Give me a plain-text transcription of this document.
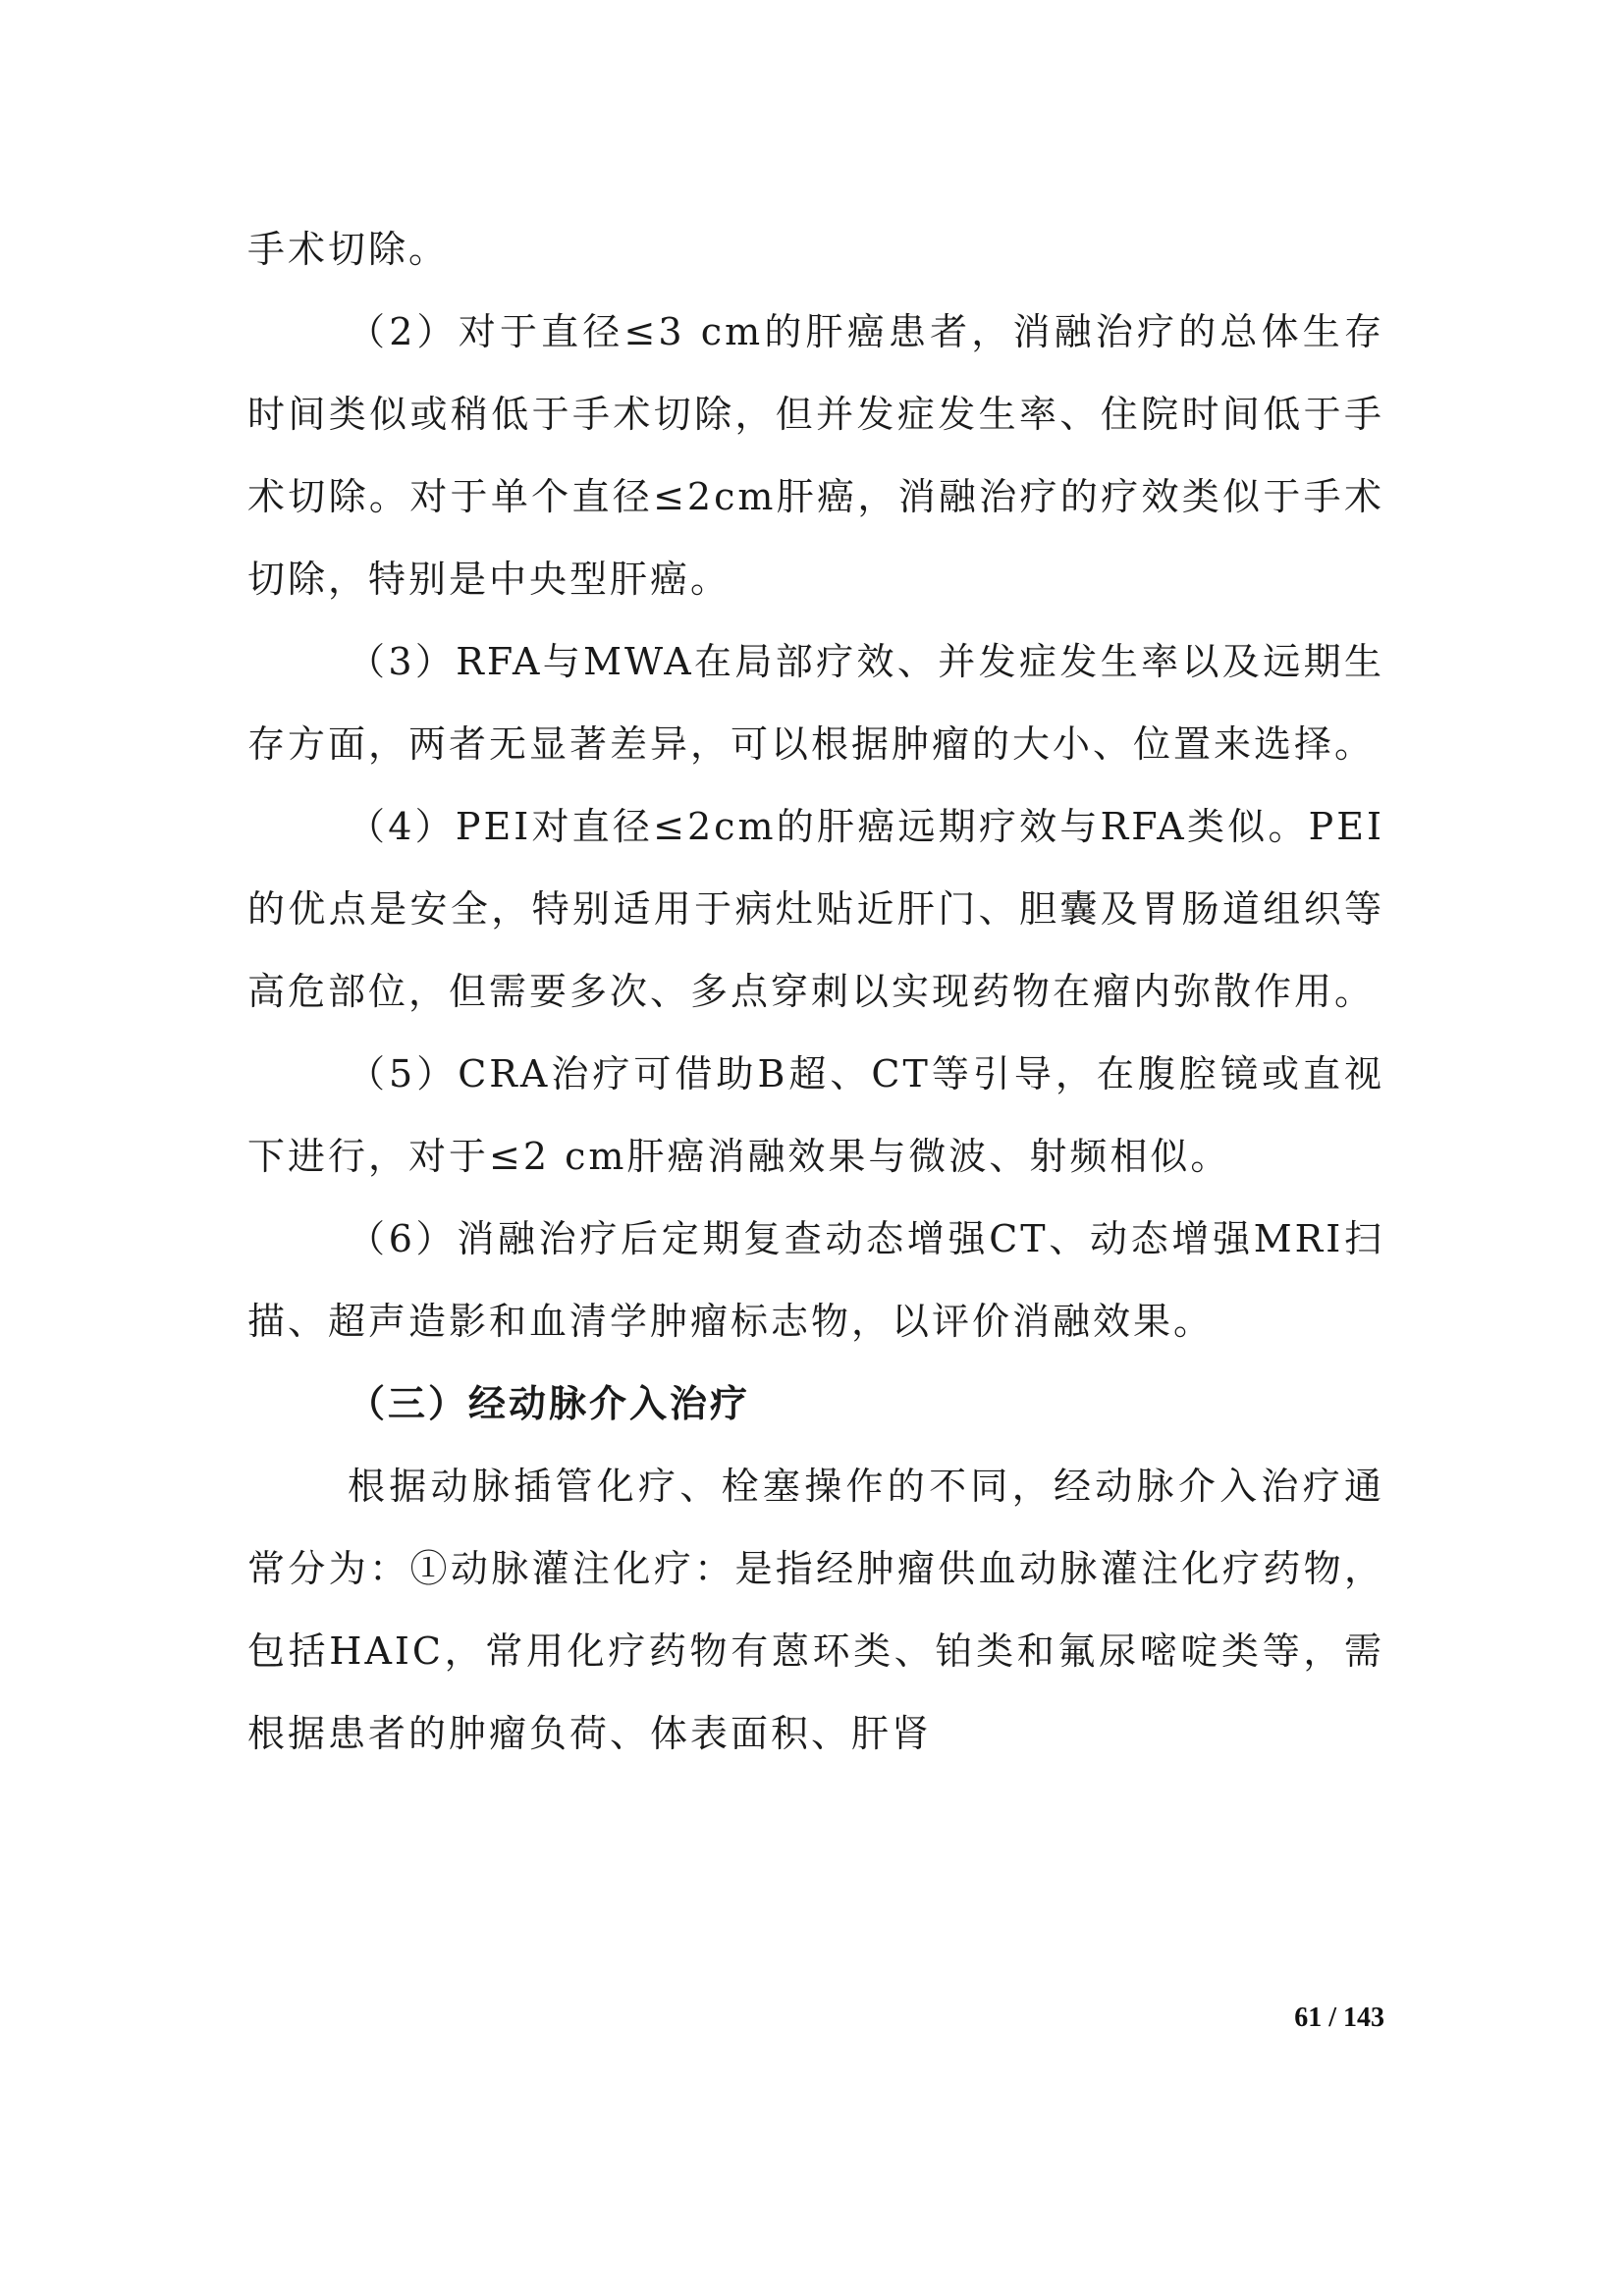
手术切除。

（2）对于直径≤3 cm的肝癌患者，消融治疗的总体生存时间类似或稍低于手术切除，但并发症发生率、住院时间低于手术切除。对于单个直径≤2cm肝癌，消融治疗的疗效类似于手术切除，特别是中央型肝癌。

（3）RFA与MWA在局部疗效、并发症发生率以及远期生存方面，两者无显著差异，可以根据肿瘤的大小、位置来选择。

（4）PEI对直径≤2cm的肝癌远期疗效与RFA类似。PEI的优点是安全，特别适用于病灶贴近肝门、胆囊及胃肠道组织等高危部位，但需要多次、多点穿刺以实现药物在瘤内弥散作用。

（5）CRA治疗可借助B超、CT等引导，在腹腔镜或直视下进行，对于≤2 cm肝癌消融效果与微波、射频相似。

（6）消融治疗后定期复查动态增强CT、动态增强MRI扫描、超声造影和血清学肿瘤标志物，以评价消融效果。

（三）经动脉介入治疗

根据动脉插管化疗、栓塞操作的不同，经动脉介入治疗通常分为：①动脉灌注化疗：是指经肿瘤供血动脉灌注化疗药物，包括HAIC，常用化疗药物有蒽环类、铂类和氟尿嘧啶类等，需根据患者的肿瘤负荷、体表面积、肝肾

61 / 143
